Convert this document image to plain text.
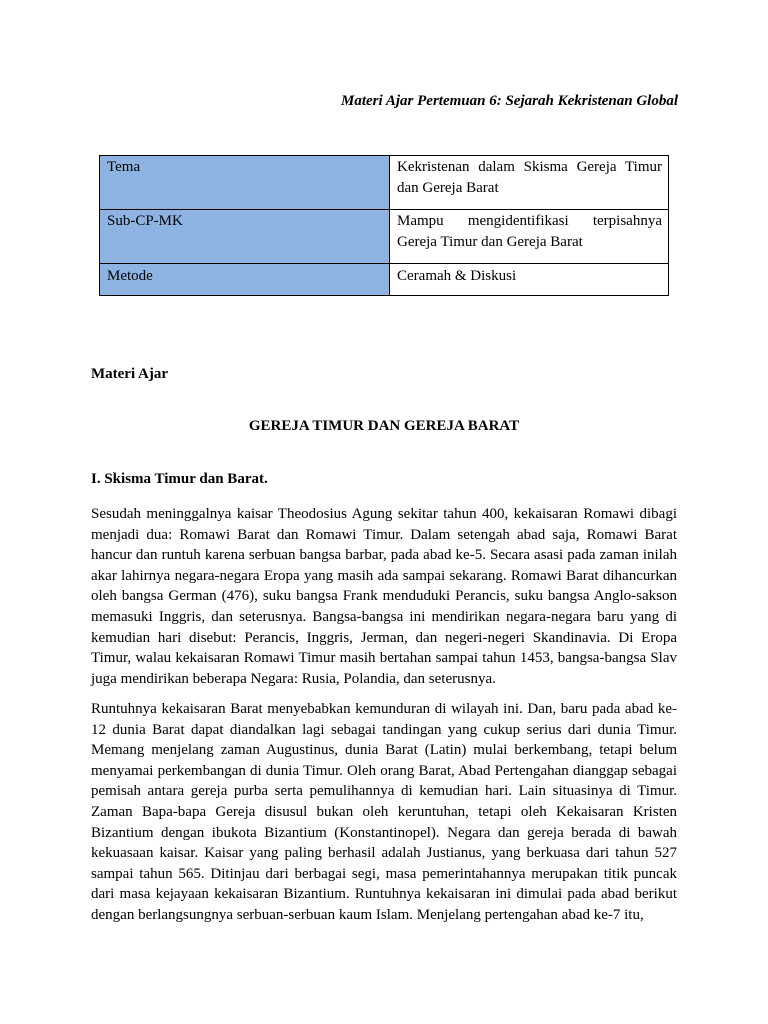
Materi Ajar Pertemuan 6: Sejarah Kekristenan Global
Tema	Kekristenan dalam Skisma Gereja Timur dan Gereja Barat
Sub-CP-MK	Mampu mengidentifikasi terpisahnya Gereja Timur dan Gereja Barat
Metode	Ceramah & Diskusi
Materi Ajar
GEREJA TIMUR DAN GEREJA BARAT
I. Skisma Timur dan Barat.

Sesudah meninggalnya kaisar Theodosius Agung sekitar tahun 400, kekaisaran Romawi dibagi menjadi dua: Romawi Barat dan Romawi Timur. Dalam setengah abad saja, Romawi Barat hancur dan runtuh karena serbuan bangsa barbar, pada abad ke-5. Secara asasi pada zaman inilah akar lahirnya negara-negara Eropa yang masih ada sampai sekarang. Romawi Barat dihancurkan oleh bangsa German (476), suku bangsa Frank menduduki Perancis, suku bangsa Anglo-sakson memasuki Inggris, dan seterusnya. Bangsa-bangsa ini mendirikan negara-negara baru yang di kemudian hari disebut: Perancis, Inggris, Jerman, dan negeri-negeri Skandinavia. Di Eropa Timur, walau kekaisaran Romawi Timur masih bertahan sampai tahun 1453, bangsa-bangsa Slav juga mendirikan beberapa Negara: Rusia, Polandia, dan seterusnya.

Runtuhnya kekaisaran Barat menyebabkan kemunduran di wilayah ini. Dan, baru pada abad ke-12 dunia Barat dapat diandalkan lagi sebagai tandingan yang cukup serius dari dunia Timur. Memang menjelang zaman Augustinus, dunia Barat (Latin) mulai berkembang, tetapi belum menyamai perkembangan di dunia Timur. Oleh orang Barat, Abad Pertengahan dianggap sebagai pemisah antara gereja purba serta pemulihannya di kemudian hari. Lain situasinya di Timur. Zaman Bapa-bapa Gereja disusul bukan oleh keruntuhan, tetapi oleh Kekaisaran Kristen Bizantium dengan ibukota Bizantium (Konstantinopel). Negara dan gereja berada di bawah kekuasaan kaisar. Kaisar yang paling berhasil adalah Justianus, yang berkuasa dari tahun 527 sampai tahun 565. Ditinjau dari berbagai segi, masa pemerintahannya merupakan titik puncak dari masa kejayaan kekaisaran Bizantium. Runtuhnya kekaisaran ini dimulai pada abad berikut dengan berlangsungnya serbuan-serbuan kaum Islam. Menjelang pertengahan abad ke-7 itu,
